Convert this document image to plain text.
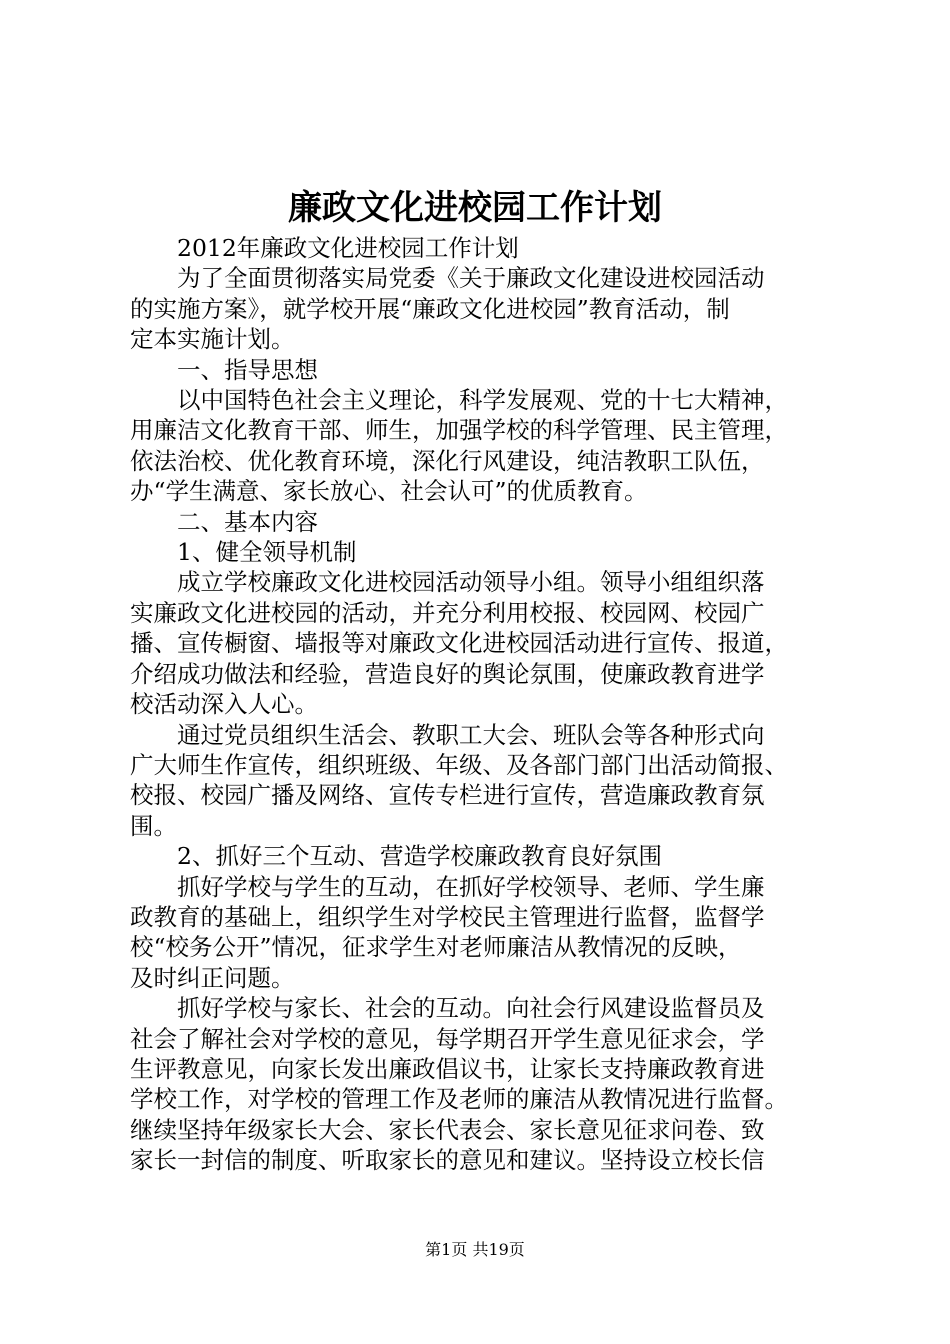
廉政文化进校园工作计划

2012年廉政文化进校园工作计划

为了全面贯彻落实局党委《关于廉政文化建设进校园活动

的实施方案》，就学校开展“廉政文化进校园”教育活动，制

定本实施计划。

一、指导思想

以中国特色社会主义理论，科学发展观、党的十七大精神，

用廉洁文化教育干部、师生，加强学校的科学管理、民主管理，

依法治校、优化教育环境，深化行风建设，纯洁教职工队伍，

办“学生满意、家长放心、社会认可”的优质教育。

二、基本内容

1、健全领导机制

成立学校廉政文化进校园活动领导小组。领导小组组织落

实廉政文化进校园的活动，并充分利用校报、校园网、校园广

播、宣传橱窗、墙报等对廉政文化进校园活动进行宣传、报道，

介绍成功做法和经验，营造良好的舆论氛围，使廉政教育进学

校活动深入人心。

通过党员组织生活会、教职工大会、班队会等各种形式向

广大师生作宣传，组织班级、年级、及各部门部门出活动简报、

校报、校园广播及网络、宣传专栏进行宣传，营造廉政教育氛

围。

2、抓好三个互动、营造学校廉政教育良好氛围

抓好学校与学生的互动，在抓好学校领导、老师、学生廉

政教育的基础上，组织学生对学校民主管理进行监督，监督学

校“校务公开”情况，征求学生对老师廉洁从教情况的反映，

及时纠正问题。

抓好学校与家长、社会的互动。向社会行风建设监督员及

社会了解社会对学校的意见，每学期召开学生意见征求会，学

生评教意见，向家长发出廉政倡议书，让家长支持廉政教育进

学校工作，对学校的管理工作及老师的廉洁从教情况进行监督。

继续坚持年级家长大会、家长代表会、家长意见征求问卷、致

家长一封信的制度、听取家长的意见和建议。坚持设立校长信

第1页 共19页
